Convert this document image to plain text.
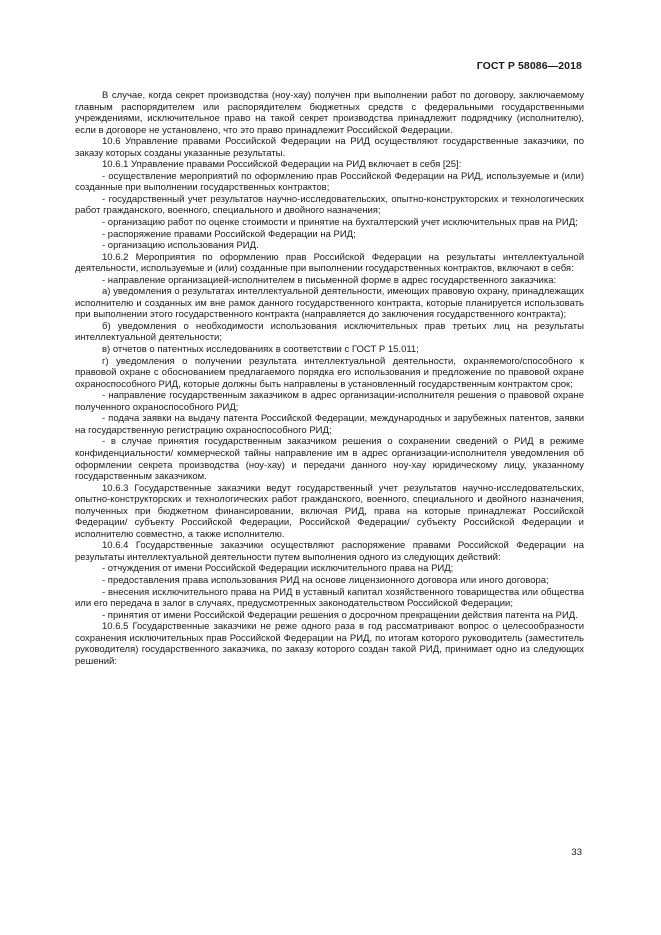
ГОСТ Р 58086—2018

В случае, когда секрет производства (ноу-хау) получен при выполнении работ по договору, заключаемому главным распорядителем или распорядителем бюджетных средств с федеральными государственными учреждениями, исключительное право на такой секрет производства принадлежит подрядчику (исполнителю), если в договоре не установлено, что это право принадлежит Российской Федерации.

10.6 Управление правами Российской Федерации на РИД осуществляют государственные заказчики, по заказу которых созданы указанные результаты.

10.6.1 Управление правами Российской Федерации на РИД включает в себя [25]:

- осуществление мероприятий по оформлению прав Российской Федерации на РИД, используемые и (или) созданные при выполнении государственных контрактов;

- государственный учет результатов научно-исследовательских, опытно-конструкторских и технологических работ гражданского, военного, специального и двойного назначения;

- организацию работ по оценке стоимости и принятие на бухгалтерский учет исключительных прав на РИД;

- распоряжение правами Российской Федерации на РИД;

- организацию использования РИД.

10.6.2 Мероприятия по оформлению прав Российской Федерации на результаты интеллектуальной деятельности, используемые и (или) созданные при выполнении государственных контрактов, включают в себя:

- направление организацией-исполнителем в письменной форме в адрес государственного заказчика:

а) уведомления о результатах интеллектуальной деятельности, имеющих правовую охрану, принадлежащих исполнителю и созданных им вне рамок данного государственного контракта, которые планируется использовать при выполнении этого государственного контракта (направляется до заключения государственного контракта);

б) уведомления о необходимости использования исключительных прав третьих лиц на результаты интеллектуальной деятельности;

в) отчетов о патентных исследованиях в соответствии с ГОСТ Р 15.011;

г) уведомления о получении результата интеллектуальной деятельности, охраняемого/способного к правовой охране с обоснованием предлагаемого порядка его использования и предложение по правовой охране охраноспособного РИД, которые должны быть направлены в установленный государственным контрактом срок;

- направление государственным заказчиком в адрес организации-исполнителя решения о правовой охране полученного охраноспособного РИД;

- подача заявки на выдачу патента Российской Федерации, международных и зарубежных патентов, заявки на государственную регистрацию охраноспособного РИД;

- в случае принятия государственным заказчиком решения о сохранении сведений о РИД в режиме конфиденциальности/ коммерческой тайны направление им в адрес организации-исполнителя уведомления об оформлении секрета производства (ноу-хау) и передачи данного ноу-хау юридическому лицу, указанному государственным заказчиком.

10.6.3 Государственные заказчики ведут государственный учет результатов научно-исследовательских, опытно-конструкторских и технологических работ гражданского, военного, специального и двойного назначения, полученных при бюджетном финансировании, включая РИД, права на которые принадлежат Российской Федерации/ субъекту Российской Федерации, Российской Федерации/ субъекту Российской Федерации и исполнителю совместно, а также исполнителю.

10.6.4 Государственные заказчики осуществляют распоряжение правами Российской Федерации на результаты интеллектуальной деятельности путем выполнения одного из следующих действий:

- отчуждения от имени Российской Федерации исключительного права на РИД;

- предоставления права использования РИД на основе лицензионного договора или иного договора;

- внесения исключительного права на РИД в уставный капитал хозяйственного товарищества или общества или его передача в залог в случаях, предусмотренных законодательством Российской Федерации;

- принятия от имени Российской Федерации решения о досрочном прекращении действия патента на РИД.

10.6.5 Государственные заказчики не реже одного раза в год рассматривают вопрос о целесообразности сохранения исключительных прав Российской Федерации на РИД, по итогам которого руководитель (заместитель руководителя) государственного заказчика, по заказу которого создан такой РИД, принимает одно из следующих решений:

33
